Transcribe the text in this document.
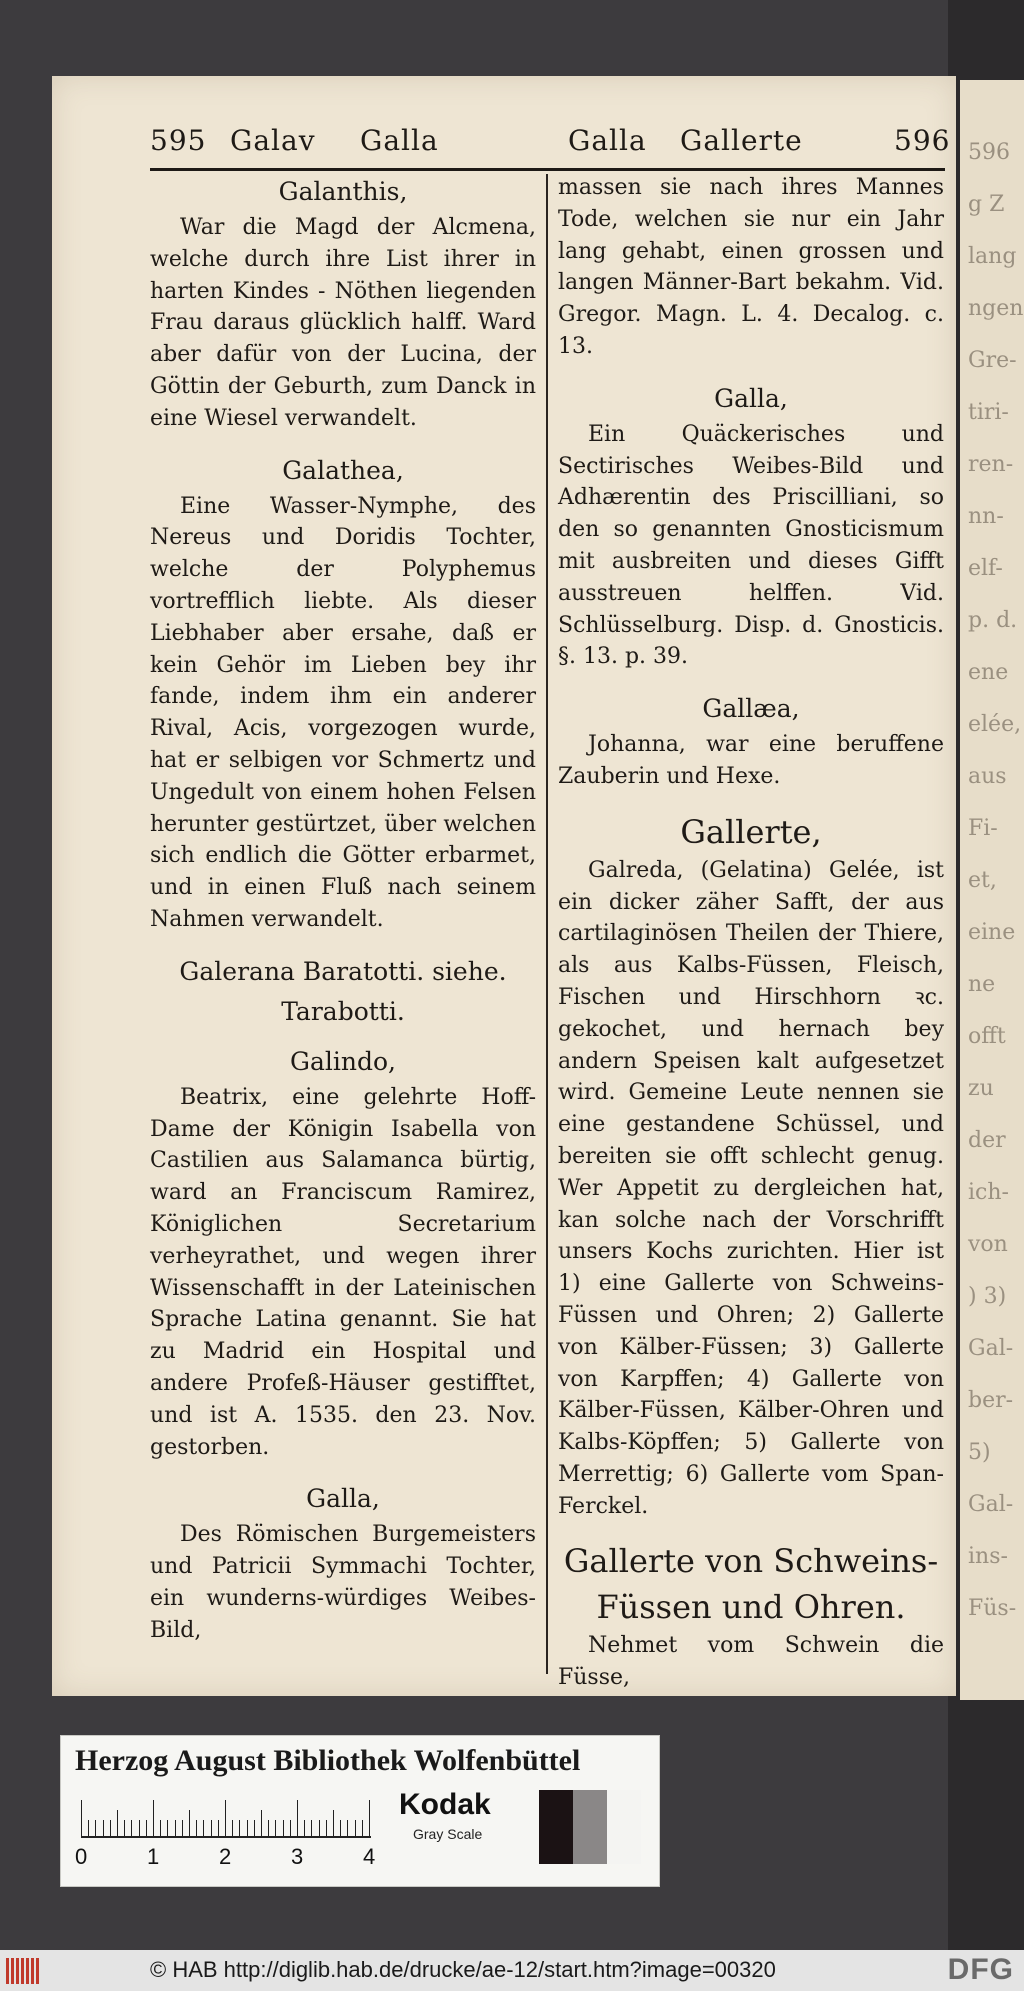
596
g Z
lang
ngen
Gre-
tiri-
ren-
nn-
elf-
p. d.
ene
elée,
aus
Fi-
et,
eine
ne
offt
zu
der
ich-
von
) 3)
Gal-
ber-
5)
Gal-
ins-
Füs-
595 Galav Galla	Galla Gallerte	596
Galanthis,

War die Magd der Alcmena, welche durch ihre List ihrer in harten Kindes - Nöthen liegenden Frau daraus glücklich halff. Ward aber dafür von der Lucina, der Göttin der Geburth, zum Danck in eine Wiesel verwandelt.

Galathea,

Eine Wasser-Nymphe, des Nereus und Doridis Tochter, welche der Polyphemus vortrefflich liebte. Als dieser Liebhaber aber ersahe, daß er kein Gehör im Lieben bey ihr fande, indem ihm ein anderer Rival, Acis, vorgezogen wurde, hat er selbigen vor Schmertz und Ungedult von einem hohen Felsen herunter gestürtzet, über welchen sich endlich die Götter erbarmet, und in einen Fluß nach seinem Nahmen verwandelt.

Galerana Baratotti. siehe. Tarabotti.
Galindo,

Beatrix, eine gelehrte Hoff-Dame der Königin Isabella von Castilien aus Salamanca bürtig, ward an Franciscum Ramirez, Königlichen Secretarium verheyrathet, und wegen ihrer Wissenschafft in der Lateinischen Sprache Latina genannt. Sie hat zu Madrid ein Hospital und andere Profeß-Häuser gestifftet, und ist A. 1535. den 23. Nov. gestorben.

Galla,

Des Römischen Burgemeisters und Patricii Symmachi Tochter, ein wunderns-würdiges Weibes-Bild,

massen sie nach ihres Mannes Tode, welchen sie nur ein Jahr lang gehabt, einen grossen und langen Männer-Bart bekahm. Vid. Gregor. Magn. L. 4. Decalog. c. 13.

Galla,

Ein Quäckerisches und Sectirisches Weibes-Bild und Adhærentin des Priscilliani, so den so genannten Gnosticismum mit ausbreiten und dieses Gifft ausstreuen helffen. Vid. Schlüsselburg. Disp. d. Gnosticis. §. 13. p. 39.

Gallæa,

Johanna, war eine beruffene Zauberin und Hexe.

Gallerte,

Galreda, (Gelatina) Gelée, ist ein dicker zäher Safft, der aus cartilaginösen Theilen der Thiere, als aus Kalbs-Füssen, Fleisch, Fischen und Hirschhorn ꝛc. gekochet, und hernach bey andern Speisen kalt aufgesetzet wird. Gemeine Leute nennen sie eine gestandene Schüssel, und bereiten sie offt schlecht genug. Wer Appetit zu dergleichen hat, kan solche nach der Vorschrifft unsers Kochs zurichten. Hier ist 1) eine Gallerte von Schweins-Füssen und Ohren; 2) Gallerte von Kälber-Füssen; 3) Gallerte von Karpffen; 4) Gallerte von Kälber-Füssen, Kälber-Ohren und Kalbs-Köpffen; 5) Gallerte von Merrettig; 6) Gallerte vom Span-Ferckel.

Gallerte von Schweins-Füssen und Ohren.

Nehmet vom Schwein die Füsse,

Herzog August Bibliothek Wolfenbüttel
0	1	2	3	4
Kodak
Gray Scale
© HAB http://diglib.hab.de/drucke/ae-12/start.htm?image=00320	DFG
